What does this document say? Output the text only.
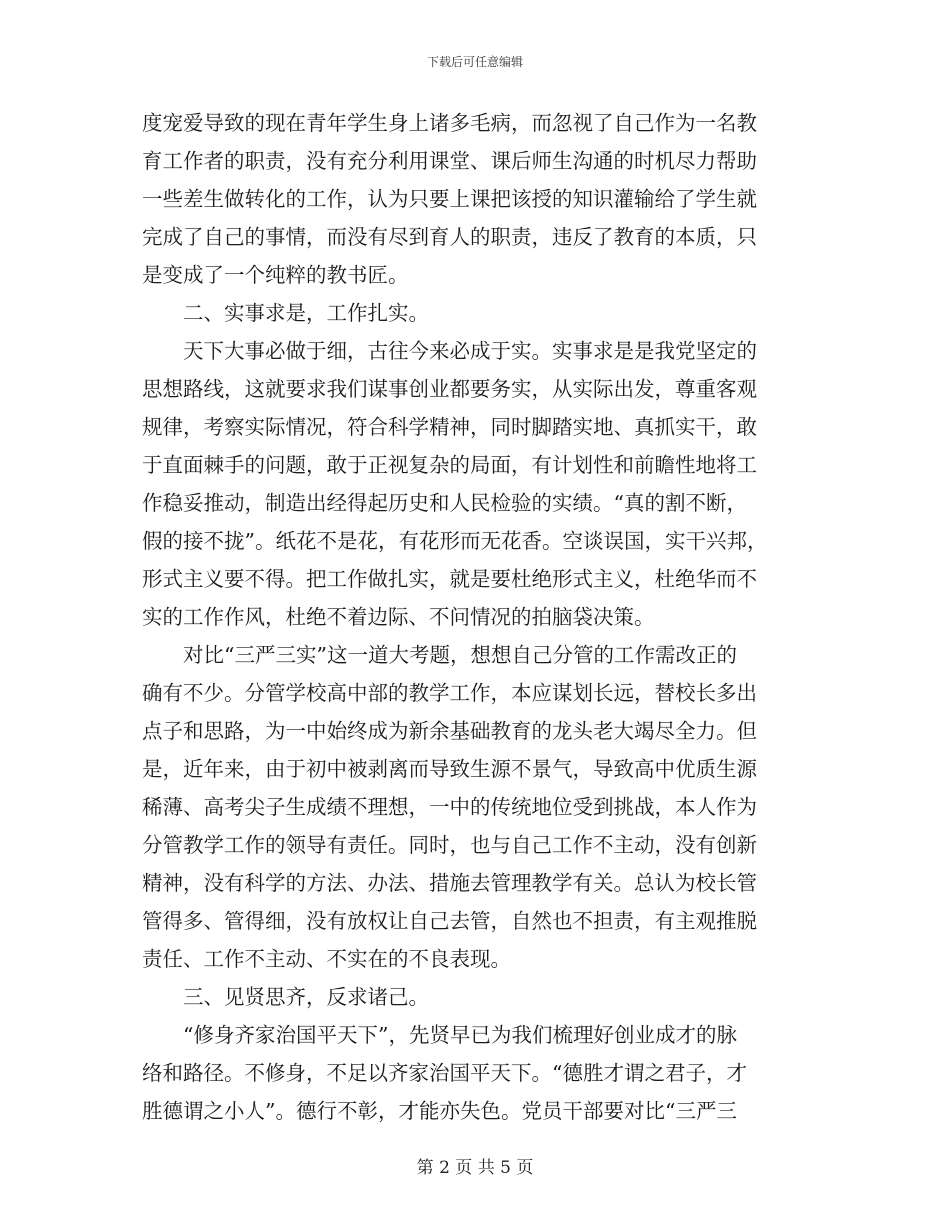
下载后可任意编辑
度宠爱导致的现在青年学生身上诸多毛病，而忽视了自己作为一名教
育工作者的职责，没有充分利用课堂、课后师生沟通的时机尽力帮助
一些差生做转化的工作，认为只要上课把该授的知识灌输给了学生就
完成了自己的事情，而没有尽到育人的职责，违反了教育的本质，只
是变成了一个纯粹的教书匠。
二、实事求是，工作扎实。
天下大事必做于细，古往今来必成于实。实事求是是我党坚定的
思想路线，这就要求我们谋事创业都要务实，从实际出发，尊重客观
规律，考察实际情况，符合科学精神，同时脚踏实地、真抓实干，敢
于直面棘手的问题，敢于正视复杂的局面，有计划性和前瞻性地将工
作稳妥推动，制造出经得起历史和人民检验的实绩。“真的割不断，
假的接不拢”。纸花不是花，有花形而无花香。空谈误国，实干兴邦，
形式主义要不得。把工作做扎实，就是要杜绝形式主义，杜绝华而不
实的工作作风，杜绝不着边际、不问情况的拍脑袋决策。
对比“三严三实”这一道大考题，想想自己分管的工作需改正的
确有不少。分管学校高中部的教学工作，本应谋划长远，替校长多出
点子和思路，为一中始终成为新余基础教育的龙头老大竭尽全力。但
是，近年来，由于初中被剥离而导致生源不景气，导致高中优质生源
稀薄、高考尖子生成绩不理想，一中的传统地位受到挑战，本人作为
分管教学工作的领导有责任。同时，也与自己工作不主动，没有创新
精神，没有科学的方法、办法、措施去管理教学有关。总认为校长管
管得多、管得细，没有放权让自己去管，自然也不担责，有主观推脱
责任、工作不主动、不实在的不良表现。
三、见贤思齐，反求诸己。
“修身齐家治国平天下”，先贤早已为我们梳理好创业成才的脉
络和路径。不修身，不足以齐家治国平天下。“德胜才谓之君子，才
胜德谓之小人”。德行不彰，才能亦失色。党员干部要对比“三严三
第 2 页 共 5 页
